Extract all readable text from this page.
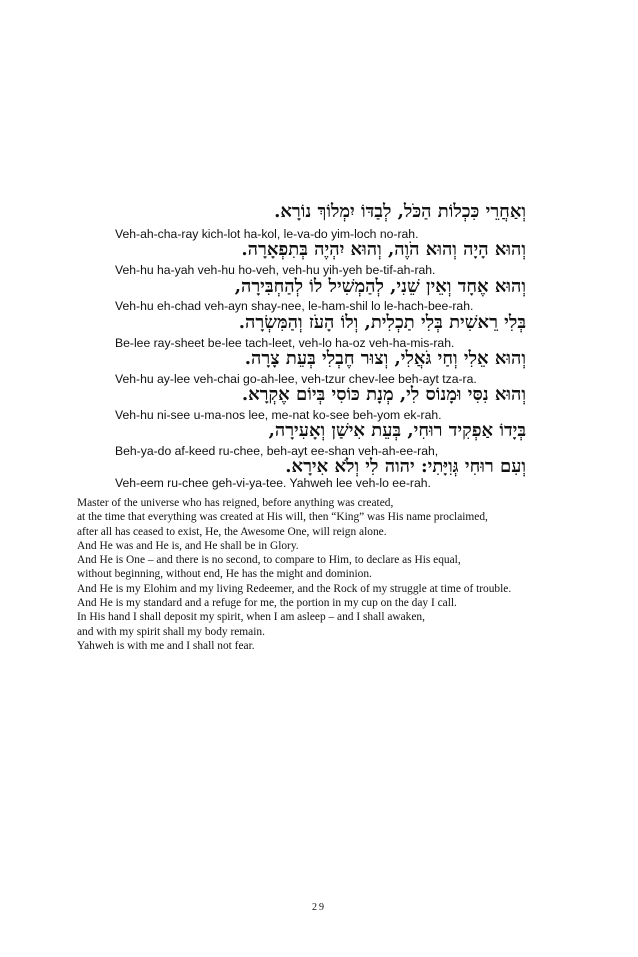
וְאַחֲרֵי כִּכְלוֹת הַכֹּל, לְבַדּוֹ יִמְלוֹךְ נוֹרָא.
Veh-ah-cha-ray kich-lot ha-kol, le-va-do yim-loch no-rah.
וְהוּא הָיָה וְהוּא הֹוֶה, וְהוּא יִהְיֶה בְּתִפְאָרָה.
Veh-hu ha-yah veh-hu ho-veh, veh-hu yih-yeh be-tif-ah-rah.
וְהוּא אֶחָד וְאֵין שֵׁנִי, לְהַמְשִׁיל לוֹ לְהַחְבִּירָה,
Veh-hu eh-chad veh-ayn shay-nee, le-ham-shil lo le-hach-bee-rah.
בְּלִי רֵאשִׁית בְּלִי תַכְלִית, וְלוֹ הָעֹז וְהַמִּשְׂרָה.
Be-lee ray-sheet be-lee tach-leet, veh-lo ha-oz veh-ha-mis-rah.
וְהוּא אֵלִי וְחַי גֹּאֲלִי, וְצוּר חֶבְלִי בְּעֵת צָרָה.
Veh-hu ay-lee veh-chai go-ah-lee, veh-tzur chev-lee beh-ayt tza-ra.
וְהוּא נִסִּי וּמָנוֹס לִי, מְנָת כּוֹסִי בְּיוֹם אֶקְרָא.
Veh-hu ni-see u-ma-nos lee, me-nat ko-see beh-yom ek-rah.
בְּיָדוֹ אַפְקִיד רוּחִי, בְּעֵת אִישַׁן וְאָעִירָה,
Beh-ya-do af-keed ru-chee, beh-ayt ee-shan veh-ah-ee-rah,
וְעִם רוּחִי גְּוִיָּתִי: יהוה לִי וְלֹא אִירָא.
Veh-eem ru-chee geh-vi-ya-tee. Yahweh lee veh-lo ee-rah.
Master of the universe who has reigned, before anything was created,
at the time that everything was created at His will, then “King” was His name proclaimed,
after all has ceased to exist, He, the Awesome One, will reign alone.
And He was and He is, and He shall be in Glory.
And He is One – and there is no second, to compare to Him, to declare as His equal,
without beginning, without end, He has the might and dominion.
And He is my Elohim and my living Redeemer, and the Rock of my struggle at time of trouble.
And He is my standard and a refuge for me, the portion in my cup on the day I call.
In His hand I shall deposit my spirit, when I am asleep – and I shall awaken,
and with my spirit shall my body remain.
Yahweh is with me and I shall not fear.
29
